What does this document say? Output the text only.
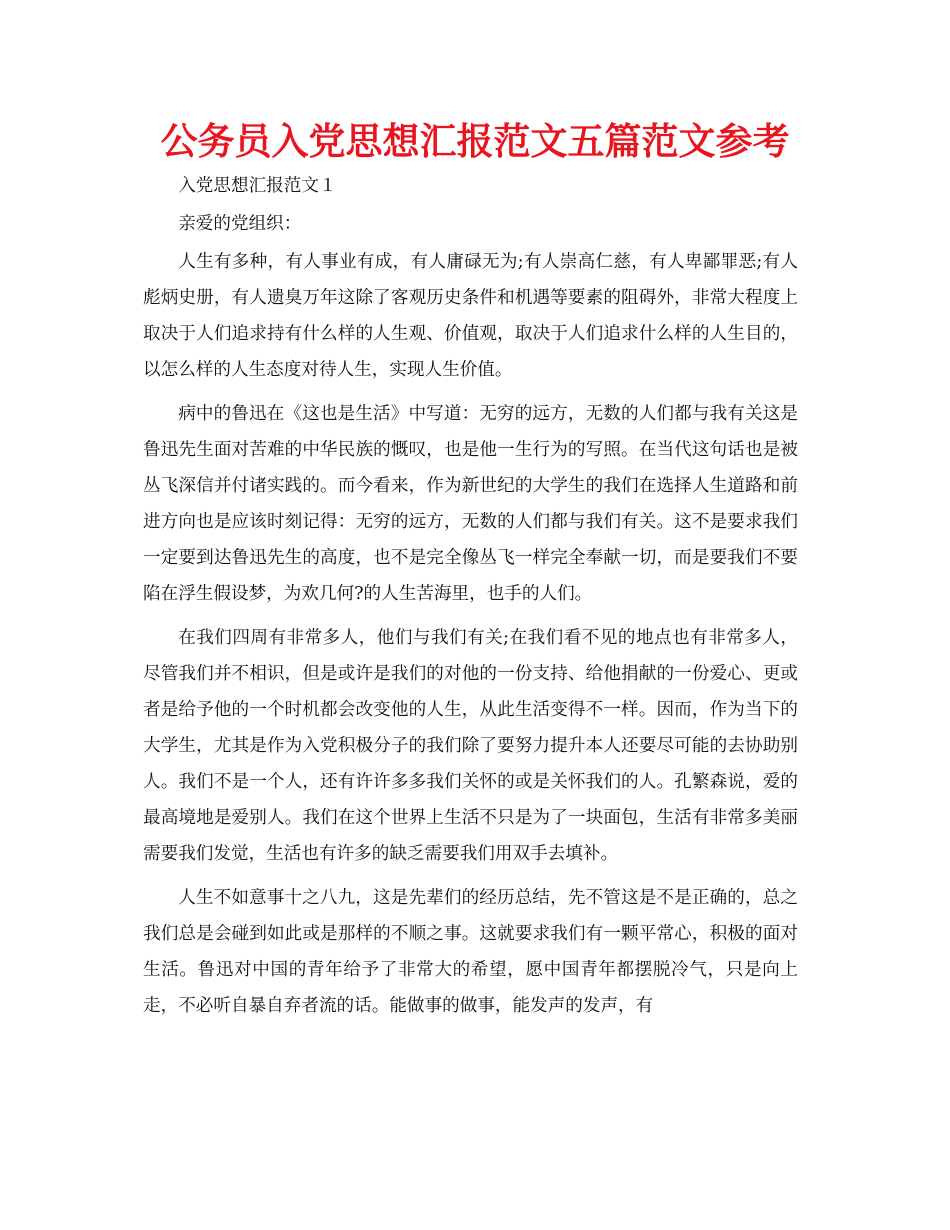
公务员入党思想汇报范文五篇范文参考

入党思想汇报范文１

亲爱的党组织：

人生有多种，有人事业有成，有人庸碌无为;有人崇高仁慈，有人卑鄙罪恶;有人彪炳史册，有人遗臭万年这除了客观历史条件和机遇等要素的阻碍外，非常大程度上取决于人们追求持有什么样的人生观、价值观，取决于人们追求什么样的人生目的，以怎么样的人生态度对待人生，实现人生价值。

病中的鲁迅在《这也是生活》中写道：无穷的远方，无数的人们都与我有关这是鲁迅先生面对苦难的中华民族的慨叹，也是他一生行为的写照。在当代这句话也是被丛飞深信并付诸实践的。而今看来，作为新世纪的大学生的我们在选择人生道路和前进方向也是应该时刻记得：无穷的远方，无数的人们都与我们有关。这不是要求我们一定要到达鲁迅先生的高度，也不是完全像丛飞一样完全奉献一切，而是要我们不要陷在浮生假设梦，为欢几何?的人生苦海里，也手的人们。

在我们四周有非常多人，他们与我们有关;在我们看不见的地点也有非常多人，尽管我们并不相识，但是或许是我们的对他的一份支持、给他捐献的一份爱心、更或者是给予他的一个时机都会改变他的人生，从此生活变得不一样。因而，作为当下的大学生，尤其是作为入党积极分子的我们除了要努力提升本人还要尽可能的去协助别人。我们不是一个人，还有许许多多我们关怀的或是关怀我们的人。孔繁森说，爱的最高境地是爱别人。我们在这个世界上生活不只是为了一块面包，生活有非常多美丽需要我们发觉，生活也有许多的缺乏需要我们用双手去填补。

人生不如意事十之八九，这是先辈们的经历总结，先不管这是不是正确的，总之我们总是会碰到如此或是那样的不顺之事。这就要求我们有一颗平常心，积极的面对生活。鲁迅对中国的青年给予了非常大的希望，愿中国青年都摆脱冷气，只是向上走，不必听自暴自弃者流的话。能做事的做事，能发声的发声，有
